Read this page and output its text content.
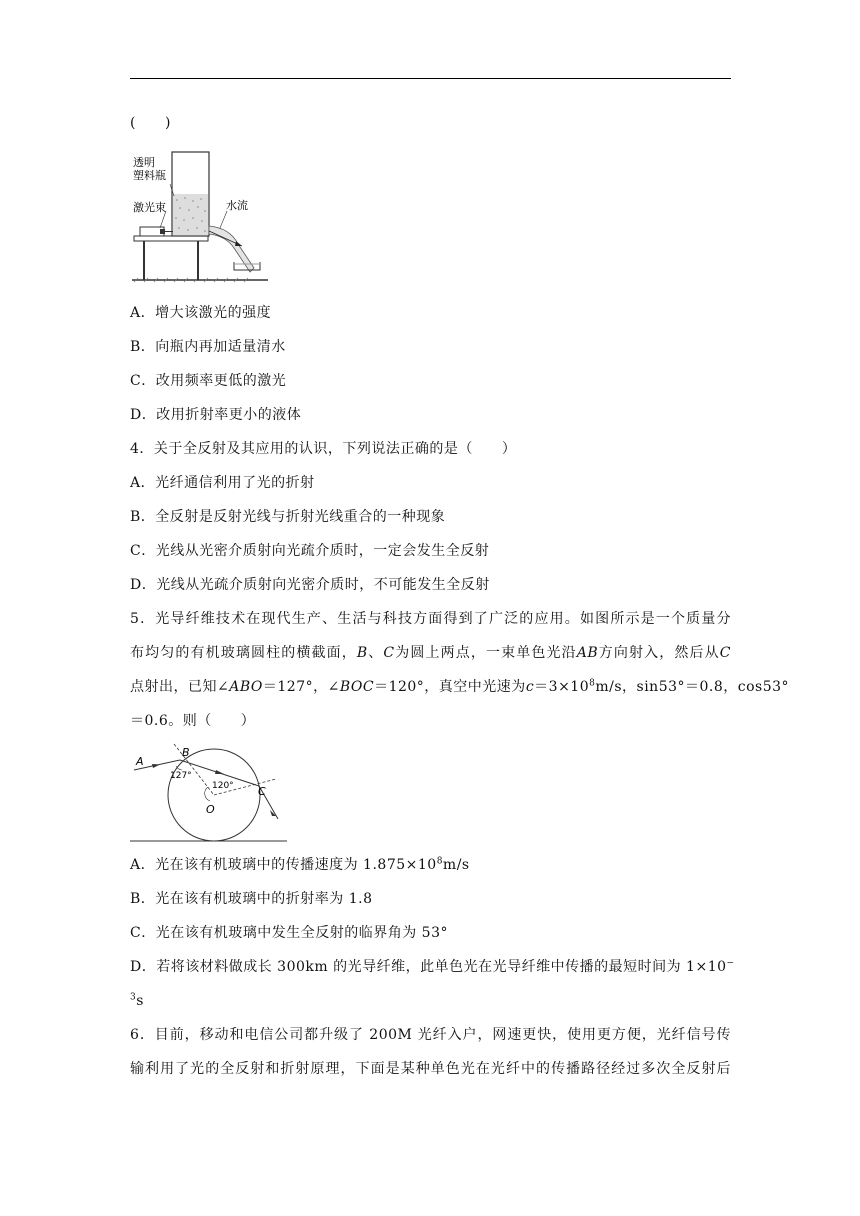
(　　)
透明
塑料瓶
激光束	水流
A．增大该激光的强度
B．向瓶内再加适量清水
C．改用频率更低的激光
D．改用折射率更小的液体
4．关于全反射及其应用的认识，下列说法正确的是（　　）
A．光纤通信利用了光的折射
B．全反射是反射光线与折射光线重合的一种现象
C．光线从光密介质射向光疏介质时，一定会发生全反射
D．光线从光疏介质射向光密介质时，不可能发生全反射
5．光导纤维技术在现代生产、生活与科技方面得到了广泛的应用。如图所示是一个质量分
布均匀的有机玻璃圆柱的横截面，B、C为圆上两点，一束单色光沿AB方向射入，然后从C
点射出，已知∠ABO＝127°，∠BOC＝120°，真空中光速为$c=3\times 10^8m/s$，sin53°＝0.8，cos53°
＝0.6。则（　　）
A
B
C
O
127°
120°
A．光在该有机玻璃中的传播速度为 $1.875\times 10^8m/s$
B．光在该有机玻璃中的折射率为 1.8
C．光在该有机玻璃中发生全反射的临界角为 53°
D．若将该材料做成长 300km 的光导纤维，此单色光在光导纤维中传播的最短时间为 1×10−
$^3$s
6．目前，移动和电信公司都升级了 200M 光纤入户，网速更快，使用更方便，光纤信号传
输利用了光的全反射和折射原理，下面是某种单色光在光纤中的传播路径经过多次全反射后
